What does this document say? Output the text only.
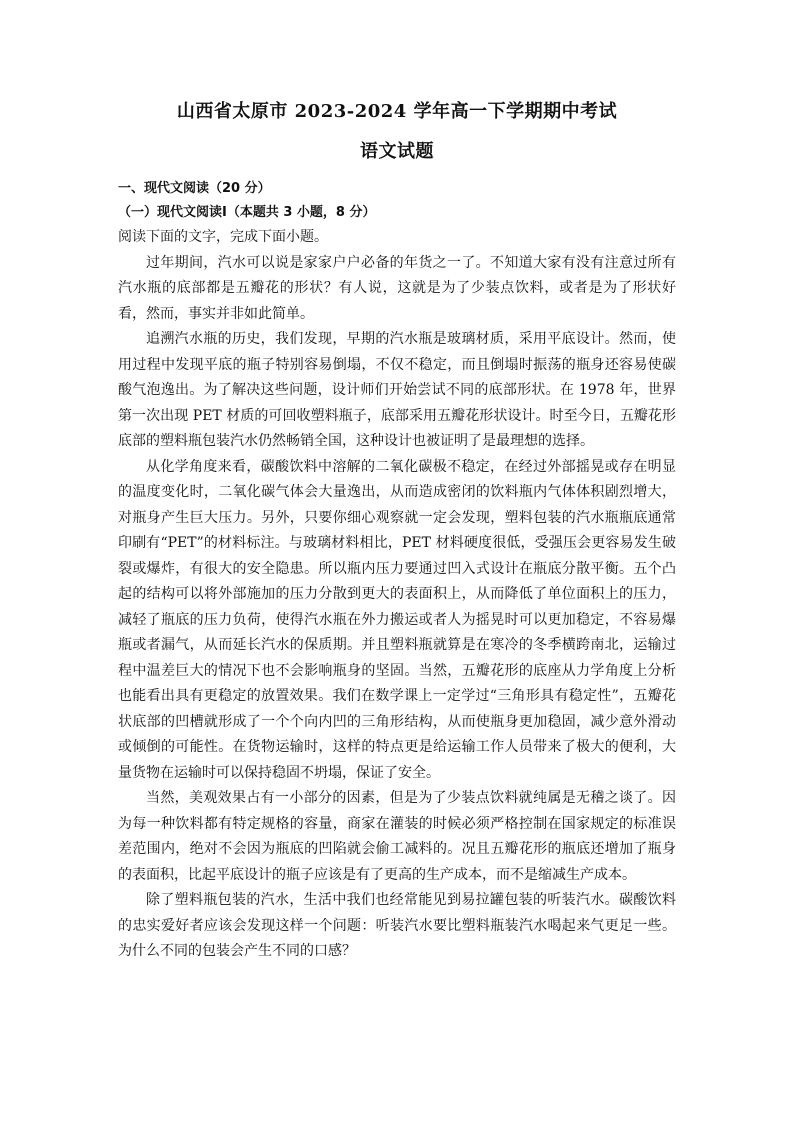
山西省太原市 2023-2024 学年高一下学期期中考试
语文试题

一、现代文阅读（20 分）

（一）现代文阅读Ⅰ（本题共 3 小题，8 分）

阅读下面的文字，完成下面小题。

过年期间，汽水可以说是家家户户必备的年货之一了。不知道大家有没有注意过所有汽水瓶的底部都是五瓣花的形状？有人说，这就是为了少装点饮料，或者是为了形状好看，然而，事实并非如此简单。

追溯汽水瓶的历史，我们发现，早期的汽水瓶是玻璃材质，采用平底设计。然而，使用过程中发现平底的瓶子特别容易倒塌，不仅不稳定，而且倒塌时振荡的瓶身还容易使碳酸气泡逸出。为了解决这些问题，设计师们开始尝试不同的底部形状。在 1978 年，世界第一次出现 PET 材质的可回收塑料瓶子，底部采用五瓣花形状设计。时至今日，五瓣花形底部的塑料瓶包装汽水仍然畅销全国，这种设计也被证明了是最理想的选择。

从化学角度来看，碳酸饮料中溶解的二氧化碳极不稳定，在经过外部摇晃或存在明显的温度变化时，二氧化碳气体会大量逸出，从而造成密闭的饮料瓶内气体体积剧烈增大，对瓶身产生巨大压力。另外，只要你细心观察就一定会发现，塑料包装的汽水瓶瓶底通常印刷有“PET”的材料标注。与玻璃材料相比，PET 材料硬度很低，受强压会更容易发生破裂或爆炸，有很大的安全隐患。所以瓶内压力要通过凹入式设计在瓶底分散平衡。五个凸起的结构可以将外部施加的压力分散到更大的表面积上，从而降低了单位面积上的压力，减轻了瓶底的压力负荷，使得汽水瓶在外力搬运或者人为摇晃时可以更加稳定，不容易爆瓶或者漏气，从而延长汽水的保质期。并且塑料瓶就算是在寒冷的冬季横跨南北，运输过程中温差巨大的情况下也不会影响瓶身的坚固。当然，五瓣花形的底座从力学角度上分析也能看出具有更稳定的放置效果。我们在数学课上一定学过“三角形具有稳定性”，五瓣花状底部的凹槽就形成了一个个向内凹的三角形结构，从而使瓶身更加稳固，减少意外滑动或倾倒的可能性。在货物运输时，这样的特点更是给运输工作人员带来了极大的便利，大量货物在运输时可以保持稳固不坍塌，保证了安全。

当然，美观效果占有一小部分的因素，但是为了少装点饮料就纯属是无稽之谈了。因为每一种饮料都有特定规格的容量，商家在灌装的时候必须严格控制在国家规定的标准误差范围内，绝对不会因为瓶底的凹陷就会偷工减料的。况且五瓣花形的瓶底还增加了瓶身的表面积，比起平底设计的瓶子应该是有了更高的生产成本，而不是缩减生产成本。

除了塑料瓶包装的汽水，生活中我们也经常能见到易拉罐包装的听装汽水。碳酸饮料的忠实爱好者应该会发现这样一个问题：听装汽水要比塑料瓶装汽水喝起来气更足一些。为什么不同的包装会产生不同的口感？
